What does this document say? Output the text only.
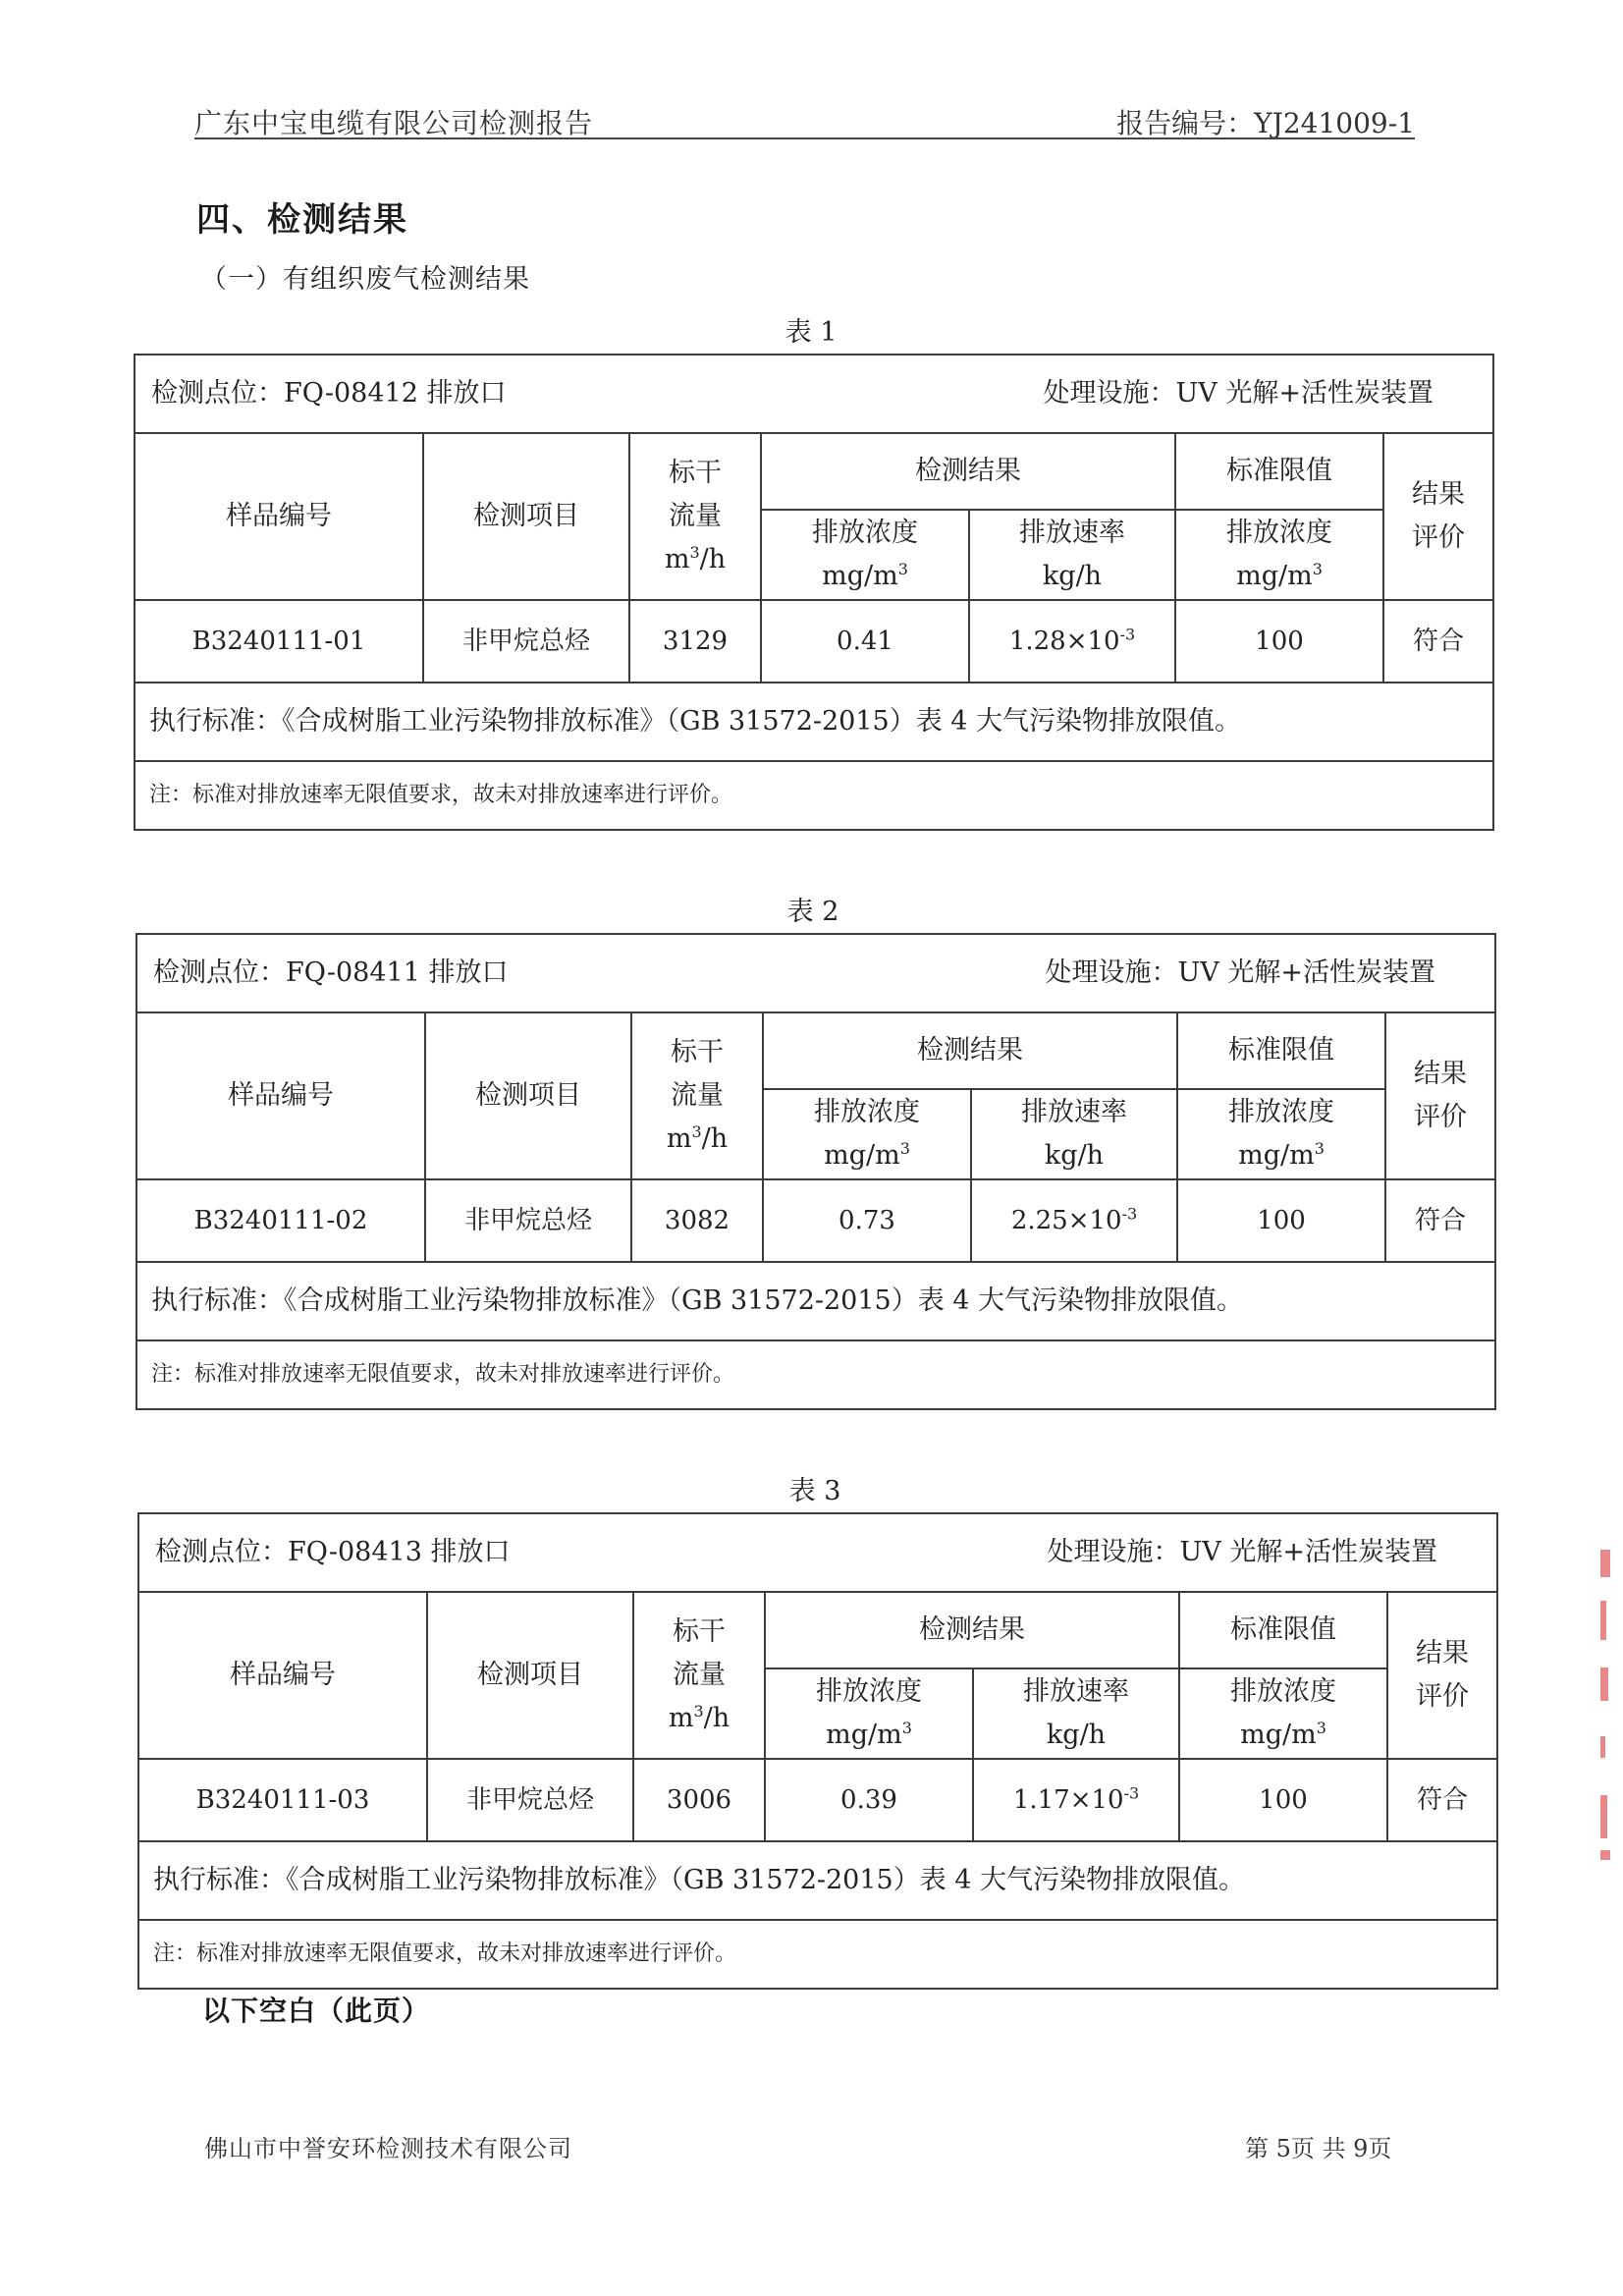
广东中宝电缆有限公司检测报告	报告编号：YJ241009-1
四、检测结果
（一）有组织废气检测结果
表 1
检测点位：FQ-08412 排放口 处理设施：UV 光解+活性炭装置						

样品编号	检测项目	标干
流量
$m^3/h$	检测结果		标准限值	结果
评价
			排放浓度
$mg/m^3$	排放速率
kg/h	排放浓度
$mg/m^3$
B3240111-01	非甲烷总烃	3129	0.41	$1.28\times 10^{-3}$	100	符合
执行标准：《合成树脂工业污染物排放标准》（GB 31572-2015）表 4 大气污染物排放限值。						
注：标准对排放速率无限值要求，故未对排放速率进行评价。						
表 2
检测点位：FQ-08411 排放口 处理设施：UV 光解+活性炭装置						

样品编号	检测项目	标干
流量
$m^3/h$	检测结果		标准限值	结果
评价
			排放浓度
$mg/m^3$	排放速率
kg/h	排放浓度
$mg/m^3$
B3240111-02	非甲烷总烃	3082	0.73	$2.25\times 10^{-3}$	100	符合
执行标准：《合成树脂工业污染物排放标准》（GB 31572-2015）表 4 大气污染物排放限值。						
注：标准对排放速率无限值要求，故未对排放速率进行评价。						
表 3
检测点位：FQ-08413 排放口 处理设施：UV 光解+活性炭装置						

样品编号	检测项目	标干
流量
$m^3/h$	检测结果		标准限值	结果
评价
			排放浓度
$mg/m^3$	排放速率
kg/h	排放浓度
$mg/m^3$
B3240111-03	非甲烷总烃	3006	0.39	$1.17\times 10^{-3}$	100	符合
执行标准：《合成树脂工业污染物排放标准》（GB 31572-2015）表 4 大气污染物排放限值。						
注：标准对排放速率无限值要求，故未对排放速率进行评价。						
以下空白（此页）
佛山市中誉安环检测技术有限公司	第 5页 共 9页
